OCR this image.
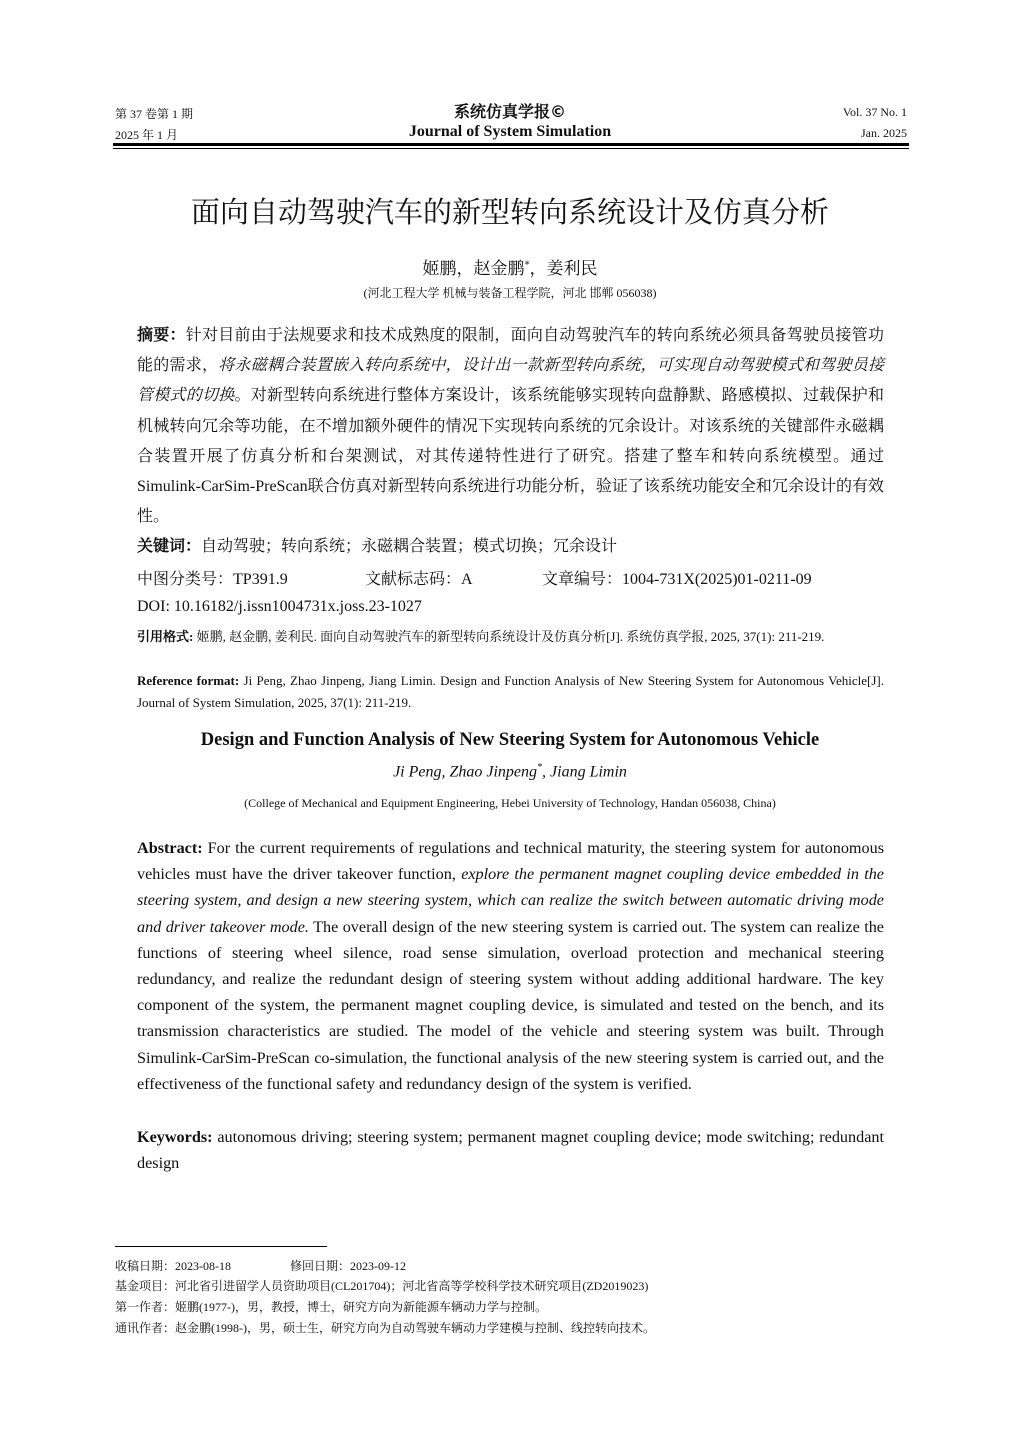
第 37 卷第 1 期
2025 年 1 月
系统仿真学报©
Journal of System Simulation
Vol. 37 No. 1
Jan. 2025
面向自动驾驶汽车的新型转向系统设计及仿真分析
姬鹏，赵金鹏*，姜利民
(河北工程大学 机械与装备工程学院，河北 邯郸 056038)
摘要：针对目前由于法规要求和技术成熟度的限制，面向自动驾驶汽车的转向系统必须具备驾驶员接管功能的需求，将永磁耦合装置嵌入转向系统中，设计出一款新型转向系统，可实现自动驾驶模式和驾驶员接管模式的切换。对新型转向系统进行整体方案设计，该系统能够实现转向盘静默、路感模拟、过载保护和机械转向冗余等功能，在不增加额外硬件的情况下实现转向系统的冗余设计。对该系统的关键部件永磁耦合装置开展了仿真分析和台架测试，对其传递特性进行了研究。搭建了整车和转向系统模型。通过Simulink-CarSim-PreScan联合仿真对新型转向系统进行功能分析，验证了该系统功能安全和冗余设计的有效性。
关键词：自动驾驶；转向系统；永磁耦合装置；模式切换；冗余设计
中图分类号：TP391.9	文献标志码：A	文章编号：1004-731X(2025)01-0211-09
DOI: 10.16182/j.issn1004731x.joss.23-1027
引用格式: 姬鹏, 赵金鹏, 姜利民. 面向自动驾驶汽车的新型转向系统设计及仿真分析[J]. 系统仿真学报, 2025, 37(1): 211-219.
Reference format: Ji Peng, Zhao Jinpeng, Jiang Limin. Design and Function Analysis of New Steering System for Autonomous Vehicle[J]. Journal of System Simulation, 2025, 37(1): 211-219.
Design and Function Analysis of New Steering System for Autonomous Vehicle
Ji Peng, Zhao Jinpeng*, Jiang Limin
(College of Mechanical and Equipment Engineering, Hebei University of Technology, Handan 056038, China)
Abstract: For the current requirements of regulations and technical maturity, the steering system for autonomous vehicles must have the driver takeover function, explore the permanent magnet coupling device embedded in the steering system, and design a new steering system, which can realize the switch between automatic driving mode and driver takeover mode. The overall design of the new steering system is carried out. The system can realize the functions of steering wheel silence, road sense simulation, overload protection and mechanical steering redundancy, and realize the redundant design of steering system without adding additional hardware. The key component of the system, the permanent magnet coupling device, is simulated and tested on the bench, and its transmission characteristics are studied. The model of the vehicle and steering system was built. Through Simulink-CarSim-PreScan co-simulation, the functional analysis of the new steering system is carried out, and the effectiveness of the functional safety and redundancy design of the system is verified.
Keywords: autonomous driving; steering system; permanent magnet coupling device; mode switching; redundant design
收稿日期：2023-08-18	修回日期：2023-09-12
基金项目：河北省引进留学人员资助项目(CL201704)；河北省高等学校科学技术研究项目(ZD2019023)
第一作者：姬鹏(1977-)，男，教授，博士，研究方向为新能源车辆动力学与控制。
通讯作者：赵金鹏(1998-)，男，硕士生，研究方向为自动驾驶车辆动力学建模与控制、线控转向技术。
